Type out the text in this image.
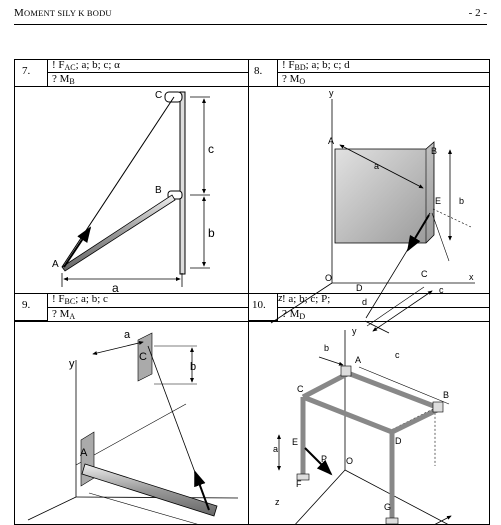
MOMENT SILY K BODU	- 2 -
7. ! $F_{AC}$; a; b; c; α
? $M_B$
8. ! $F_{BD}$; a; b; c; d
? $M_O$
9. ! $F_{BC}$; a; b; c
? $M_A$
10. ! a; b; c; P;
? $M_D$
C
B
A
c
b
a
y
A
a
B
E b
O	C	x
z
D
d
c
y
a
C
b
A
y
b
A	c
C
B
a
E
P O
D
F
z	G
